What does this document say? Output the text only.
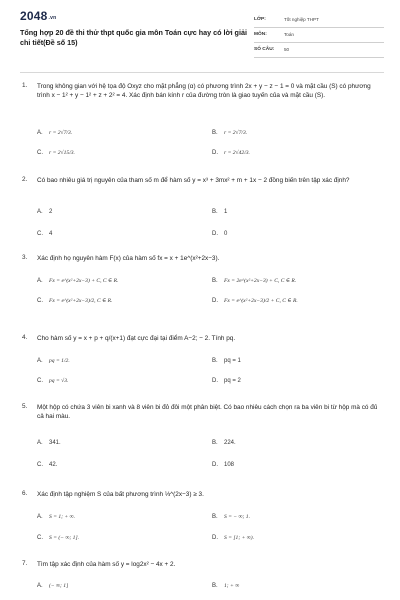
$2048^{.vn}$
Tổng hợp 20 đề thi thử thpt quốc gia môn Toán cực hay có lời giải chi tiết(Đề số 15)
LỚP:	Tốt nghiệp THPT
MÔN:	Toán
SỐ CÂU: 50
1. Trong không gian với hệ tọa độ Oxyz cho mặt phẳng (α) có phương trình 2x + y − z − 1 = 0 và mặt cầu (S) có phương trình x − 1² + y − 1² + z + 2² = 4. Xác định bán kính r của đường tròn là giao tuyến của và mặt cầu (S).
A. r = 2√7/3.	B. r = 2√7/3.
C. r = 2√15/3.	D. r = 2√42/3.
2. Có bao nhiêu giá trị nguyên của tham số m để hàm số y = x³ + 3mx² + m + 1x − 2 đồng biến trên tập xác định?
A. 2	B. 1
C. 4	D. 0
3. Xác định họ nguyên hàm F(x) của hàm số fx = x + 1e^(x²+2x−3).
A. Fx = e^(x²+2x−3) + C, C ∈ R.	B. Fx = 2e^(x²+2x−3) + C, C ∈ R.
C. Fx = e^(x²+2x−3)/2, C ∈ R.	D. Fx = e^(x²+2x−3)/2 + C, C ∈ R.
4. Cho hàm số y = x + p + q/(x+1) đạt cực đại tại điểm A−2; − 2. Tính pq.
A. pq = 1/2.	B. pq = 1
C. pq = √3.	D. pq = 2
5. Một hộp có chứa 3 viên bi xanh và 8 viên bi đỏ đôi một phân biệt. Có bao nhiêu cách chọn ra ba viên bi từ hộp mà có đủ cả hai màu.
A. 341.	B. 224.
C. 42.	D. 108
6. Xác định tập nghiệm S của bất phương trình ⅓^(2x−3) ≥ 3.
A. S = 1; + ∞.	B. S = − ∞; 1.
C. S = (− ∞; 1].	D. S = [1; + ∞).
7. Tìm tập xác định của hàm số y = log2x² − 4x + 2.
A. (− ∞; 1]	B. 1; + ∞
